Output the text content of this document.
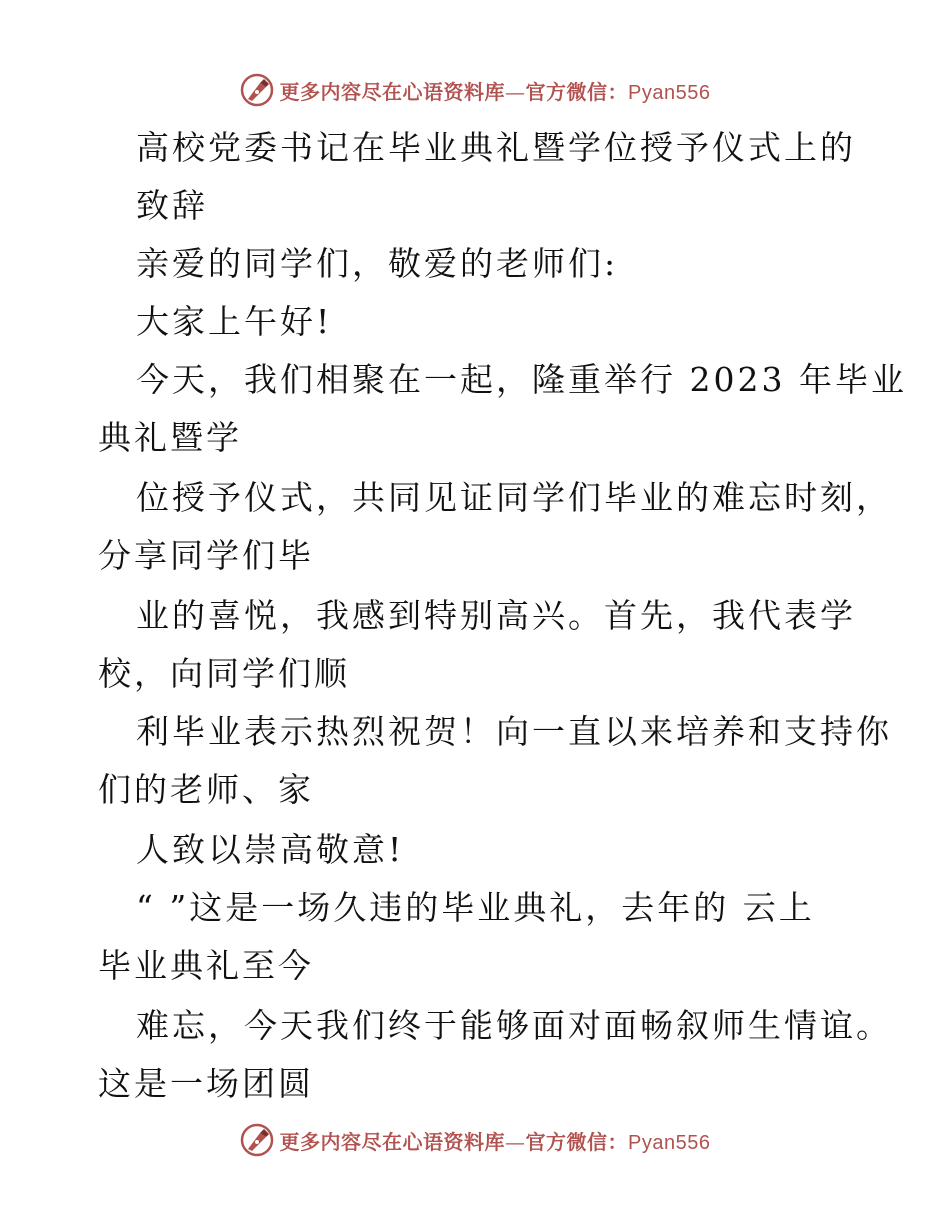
更多内容尽在心语资料库—官方微信：Pyan556
高校党委书记在毕业典礼暨学位授予仪式上的
致辞
亲爱的同学们，敬爱的老师们:
大家上午好!
今天，我们相聚在一起，隆重举行 2023 年毕业
典礼暨学
位授予仪式，共同见证同学们毕业的难忘时刻，
分享同学们毕
业的喜悦，我感到特别高兴。首先，我代表学
校，向同学们顺
利毕业表示热烈祝贺！向一直以来培养和支持你
们的老师、家
人致以崇高敬意!
“ ”这是一场久违的毕业典礼，去年的 云上
毕业典礼至今
难忘，今天我们终于能够面对面畅叙师生情谊。
这是一场团圆
更多内容尽在心语资料库—官方微信：Pyan556
